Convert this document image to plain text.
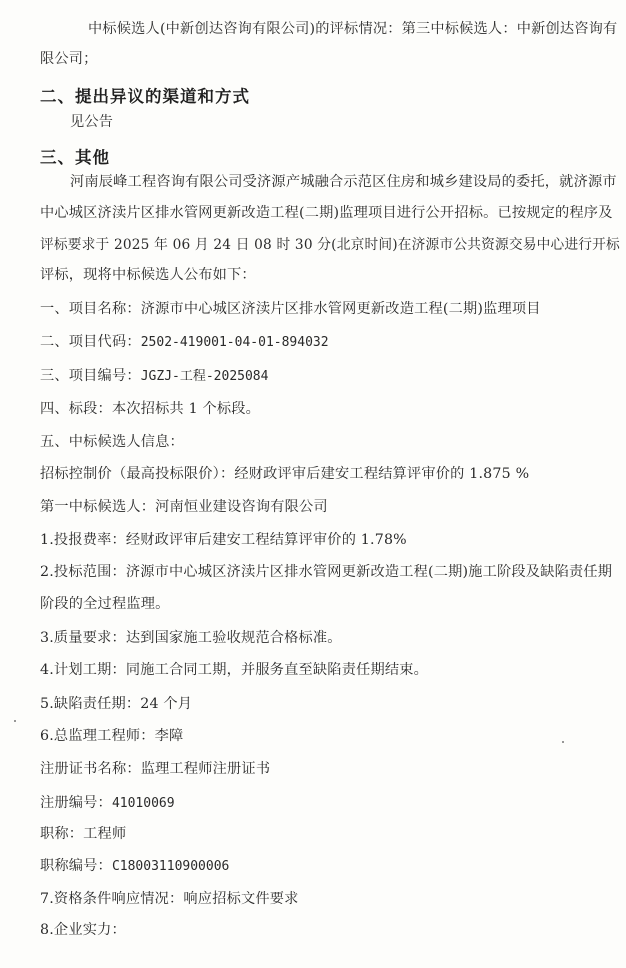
中标候选人(中新创达咨询有限公司)的评标情况：第三中标候选人：中新创达咨询有
限公司；
二、提出异议的渠道和方式
见公告
三、其他
河南辰峰工程咨询有限公司受济源产城融合示范区住房和城乡建设局的委托，就济源市
中心城区济渎片区排水管网更新改造工程(二期)监理项目进行公开招标。已按规定的程序及
评标要求于 2025 年 06 月 24 日 08 时 30 分(北京时间)在济源市公共资源交易中心进行开标
评标，现将中标候选人公布如下：
一、项目名称：济源市中心城区济渎片区排水管网更新改造工程(二期)监理项目
二、项目代码：2502-419001-04-01-894032
三、项目编号：JGZJ-工程-2025084
四、标段：本次招标共 1 个标段。
五、中标候选人信息：
招标控制价（最高投标限价）：经财政评审后建安工程结算评审价的 1.875 %
第一中标候选人：河南恒业建设咨询有限公司
1.投报费率：经财政评审后建安工程结算评审价的 1.78%
2.投标范围：济源市中心城区济渎片区排水管网更新改造工程(二期)施工阶段及缺陷责任期
阶段的全过程监理。
3.质量要求：达到国家施工验收规范合格标准。
4.计划工期：同施工合同工期，并服务直至缺陷责任期结束。
5.缺陷责任期：24 个月
6.总监理工程师：李障
注册证书名称：监理工程师注册证书
注册编号：41010069
职称：工程师
职称编号：C18003110900006
7.资格条件响应情况：响应招标文件要求
8.企业实力：
